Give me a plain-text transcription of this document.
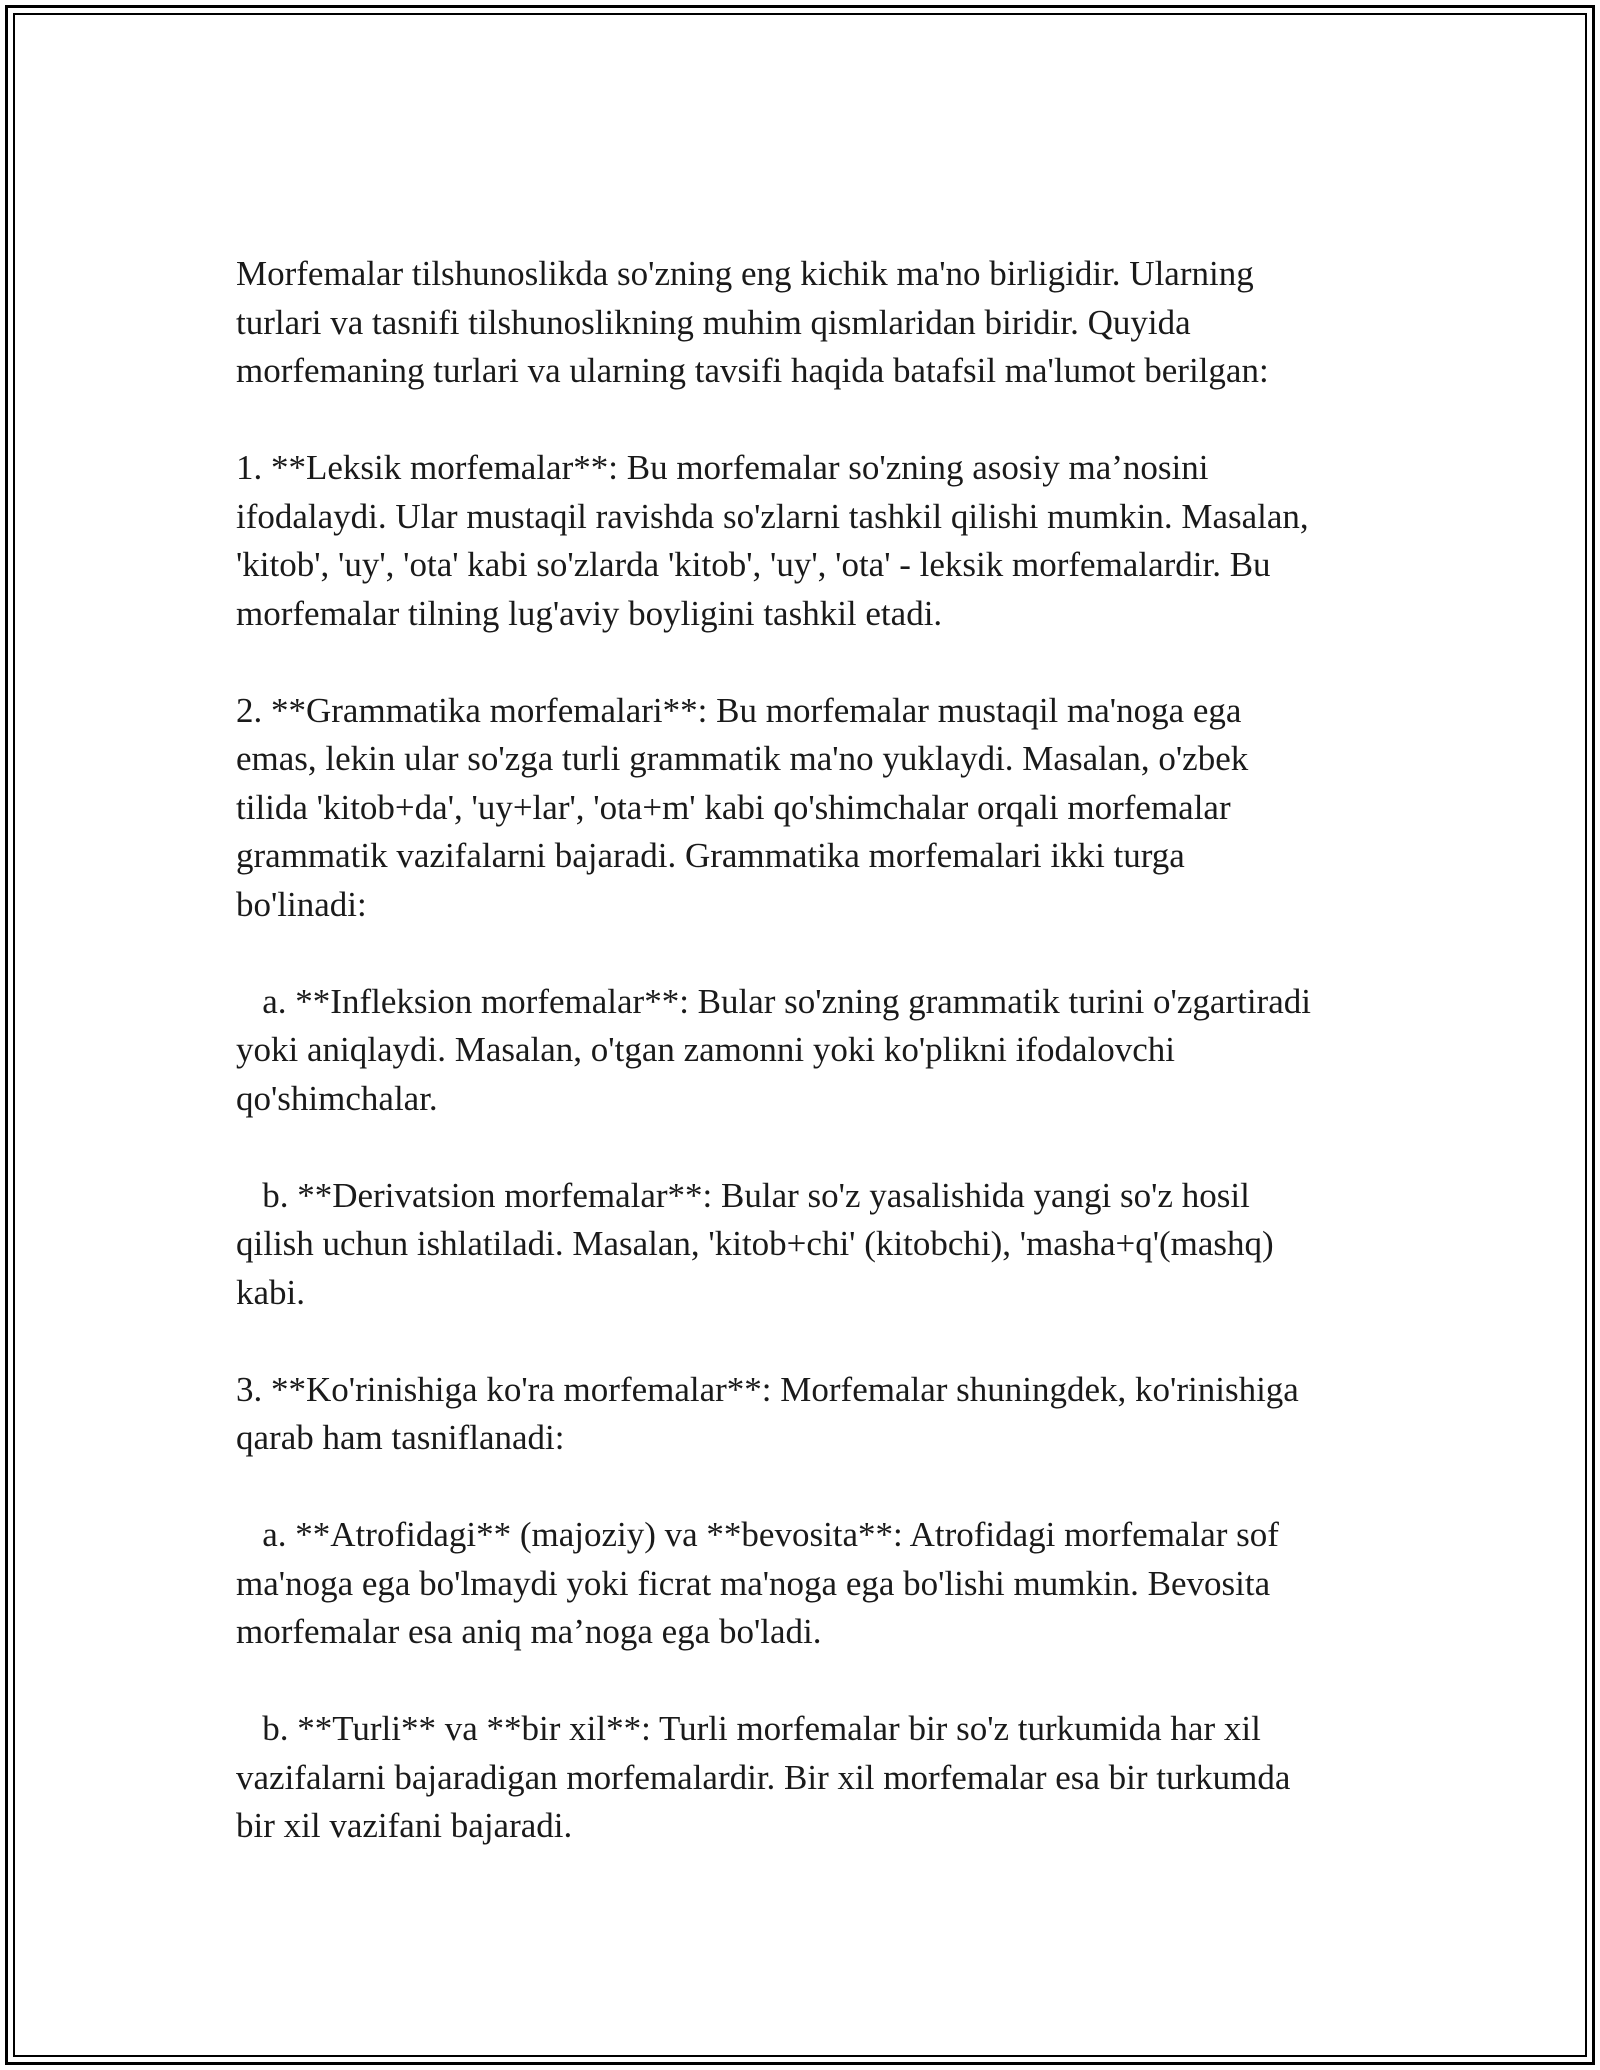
Morfemalar tilshunoslikda so'zning eng kichik ma'no birligidir. Ularning
turlari va tasnifi tilshunoslikning muhim qismlaridan biridir. Quyida
morfemaning turlari va ularning tavsifi haqida batafsil ma'lumot berilgan:

1. **Leksik morfemalar**: Bu morfemalar so'zning asosiy ma’nosini
ifodalaydi. Ular mustaqil ravishda so'zlarni tashkil qilishi mumkin. Masalan,
'kitob', 'uy', 'ota' kabi so'zlarda 'kitob', 'uy', 'ota' - leksik morfemalardir. Bu
morfemalar tilning lug'aviy boyligini tashkil etadi.

2. **Grammatika morfemalari**: Bu morfemalar mustaqil ma'noga ega
emas, lekin ular so'zga turli grammatik ma'no yuklaydi. Masalan, o'zbek
tilida 'kitob+da', 'uy+lar', 'ota+m' kabi qo'shimchalar orqali morfemalar
grammatik vazifalarni bajaradi. Grammatika morfemalari ikki turga
bo'linadi:

a. **Infleksion morfemalar**: Bular so'zning grammatik turini o'zgartiradi
yoki aniqlaydi. Masalan, o'tgan zamonni yoki ko'plikni ifodalovchi
qo'shimchalar.

b. **Derivatsion morfemalar**: Bular so'z yasalishida yangi so'z hosil
qilish uchun ishlatiladi. Masalan, 'kitob+chi' (kitobchi), 'masha+q'(mashq)
kabi.

3. **Ko'rinishiga ko'ra morfemalar**: Morfemalar shuningdek, ko'rinishiga
qarab ham tasniflanadi:

a. **Atrofidagi** (majoziy) va **bevosita**: Atrofidagi morfemalar sof
ma'noga ega bo'lmaydi yoki ficrat ma'noga ega bo'lishi mumkin. Bevosita
morfemalar esa aniq ma’noga ega bo'ladi.

b. **Turli** va **bir xil**: Turli morfemalar bir so'z turkumida har xil
vazifalarni bajaradigan morfemalardir. Bir xil morfemalar esa bir turkumda
bir xil vazifani bajaradi.
